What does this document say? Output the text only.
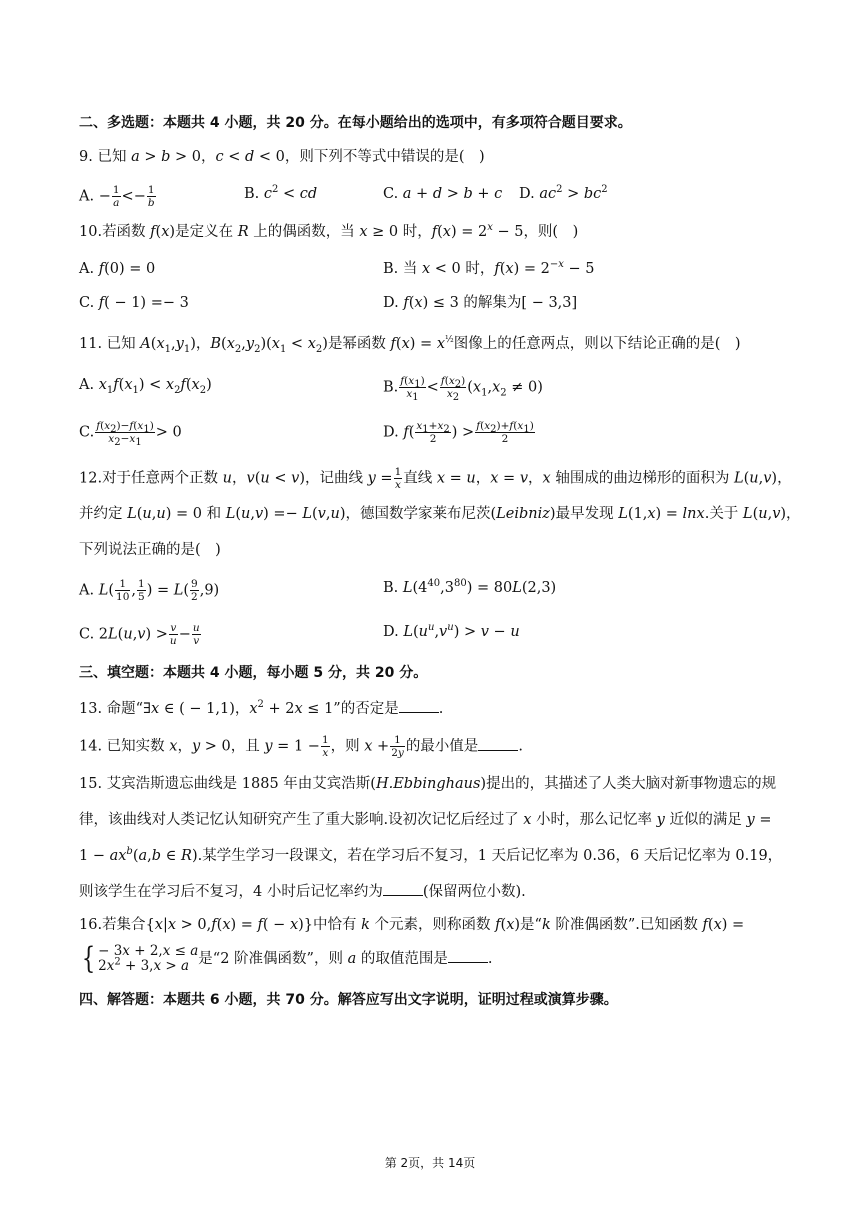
二、多选题：本题共 4 小题，共 20 分。在每小题给出的选项中，有多项符合题目要求。
9. 已知 a > b > 0，c < d < 0，则下列不等式中错误的是(　)
A. − $\frac{1}{a} <- \frac{1}{b}$	B. $c^2$ < cd	C. a + d > b + c D. $ac^2 > bc^2$
10.若函数 f(x)是定义在 R 上的偶函数，当 x ≥ 0 时，$f(x) = 2^x - 5$，则(　)
A. f(0) = 0	B. 当 x < 0 时，$f(x) = 2^{-x} - 5$
C. f( − 1) =− 3	D. f(x) ≤ 3 的解集为[ − 3,3]
11. 已知 $A(x_1,y_1)$，$B(x_2,y_2)(x_1 < x_2)$是幂函数 $f(x) = x^{\frac{1}{2}}$图像上的任意两点，则以下结论正确的是(　)
A. $x_1f(x_1) < x_2f(x_2)$	B. $\frac{f(x_1)}{x_1} < \frac{f(x_2)}{x_2} (x_1,x_2 \ne 0)$
C. $\frac{f(x_2)-f(x_1)}{x_2-x_1} > 0$	D. $f( \frac{x_1+x_2}{2}$ ) > $\frac{f(x_2)+f(x_1)}{2}$
12.对于任意两个正数 u，v(u < v)，记曲线 $y = \frac{1}{x}$ 直线 x = u，x = v，x 轴围成的曲边梯形的面积为 L(u,v)，
并约定 L(u,u) = 0 和 L(u,v) =− L(v,u)，德国数学家莱布尼茨(Leibniz)最早发现 L(1,x) = lnx.关于 L(u,v)，
下列说法正确的是(　)
A. $L( \frac{1}{10}$ , $\frac{1}{5}$ ) = $L( \frac{9}{2} ,9)$	B. $L(4^{40},3^{80}) = 80L(2,3)$
C. $2L(u,v) > \frac{v}{u} - \frac{u}{v}$	D. $L(u^u,v^u) > v - u$
三、填空题：本题共 4 小题，每小题 5 分，共 20 分。
13. 命题“∃x ∈ ( − 1,1)，$x^2 + 2x \le 1$”的否定是	.
14. 已知实数 x，y > 0，且 $y = 1 - \frac{1}{x}$ ，则 $x + \frac{1}{2y}$ 的最小值是	.
15. 艾宾浩斯遗忘曲线是 1885 年由艾宾浩斯(H.Ebbinghaus)提出的，其描述了人类大脑对新事物遗忘的规
律，该曲线对人类记忆认知研究产生了重大影响.设初次记忆后经过了 x 小时，那么记忆率 y 近似的满足 y =
$1 - ax^b(a,b$ ∈ R).某学生学习一段课文，若在学习后不复习，1 天后记忆率为 0.36，6 天后记忆率为 0.19，
则该学生在学习后不复习，4 小时后记忆率约为	(保留两位小数).
16.若集合{x|x > 0,f(x) = f( − x)}中恰有 k 个元素，则称函数 f(x)是“k 阶准偶函数”.已知函数 f(x) =
{ − 3x + 2,x ≤ a
$2x^2 + 3,x > a$ 是“2 阶准偶函数”，则 a 的取值范围是	.
四、解答题：本题共 6 小题，共 70 分。解答应写出文字说明，证明过程或演算步骤。
第 2页，共 14页
